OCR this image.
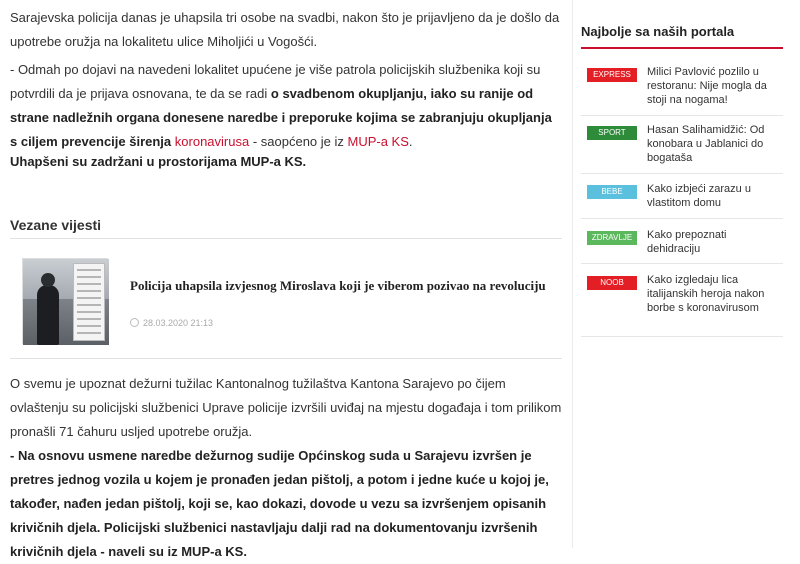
Sarajevska policija danas je uhapsila tri osobe na svadbi, nakon što je prijavljeno da je došlo da upotrebe oružja na lokalitetu ulice Miholjići u Vogošći.

- Odmah po dojavi na navedeni lokalitet upućene je više patrola policijskih službenika koji su potvrdili da je prijava osnovana, te da se radi o svadbenom okupljanju, iako su ranije od strane nadležnih organa donesene naredbe i preporuke kojima se zabranjuju okupljanja s ciljem prevencije širenja koronavirusa - saopćeno je iz MUP-a KS.

Uhapšeni su zadržani u prostorijama MUP-a KS.

Vezane vijesti
Policija uhapsila izvjesnog Miroslava koji je viberom pozivao na revoluciju
28.03.2020 21:13

O svemu je upoznat dežurni tužilac Kantonalnog tužilaštva Kantona Sarajevo po čijem ovlaštenju su policijski službenici Uprave policije izvršili uviđaj na mjestu događaja i tom prilikom pronašli 71 čahuru usljed upotrebe oružja.

- Na osnovu usmene naredbe dežurnog sudije Općinskog suda u Sarajevu izvršen je pretres jednog vozila u kojem je pronađen jedan pištolj, a potom i jedne kuće u kojoj je, također, nađen jedan pištolj, koji se, kao dokazi, dovode u vezu sa izvršenjem opisanih krivičnih djela. Policijski službenici nastavljaju dalji rad na dokumentovanju izvršenih krivičnih djela - naveli su iz MUP-a KS.

Najbolje sa naših portala
EXPRESS	Milici Pavlović pozlilo u restoranu: Nije mogla da stoji na nogama!
SPORT	Hasan Salihamidžić: Od konobara u Jablanici do bogataša
BEBE	Kako izbjeći zarazu u vlastitom domu
ZDRAVLJE	Kako prepoznati dehidraciju
NOOB	Kako izgledaju lica italijanskih heroja nakon borbe s koronavirusom
